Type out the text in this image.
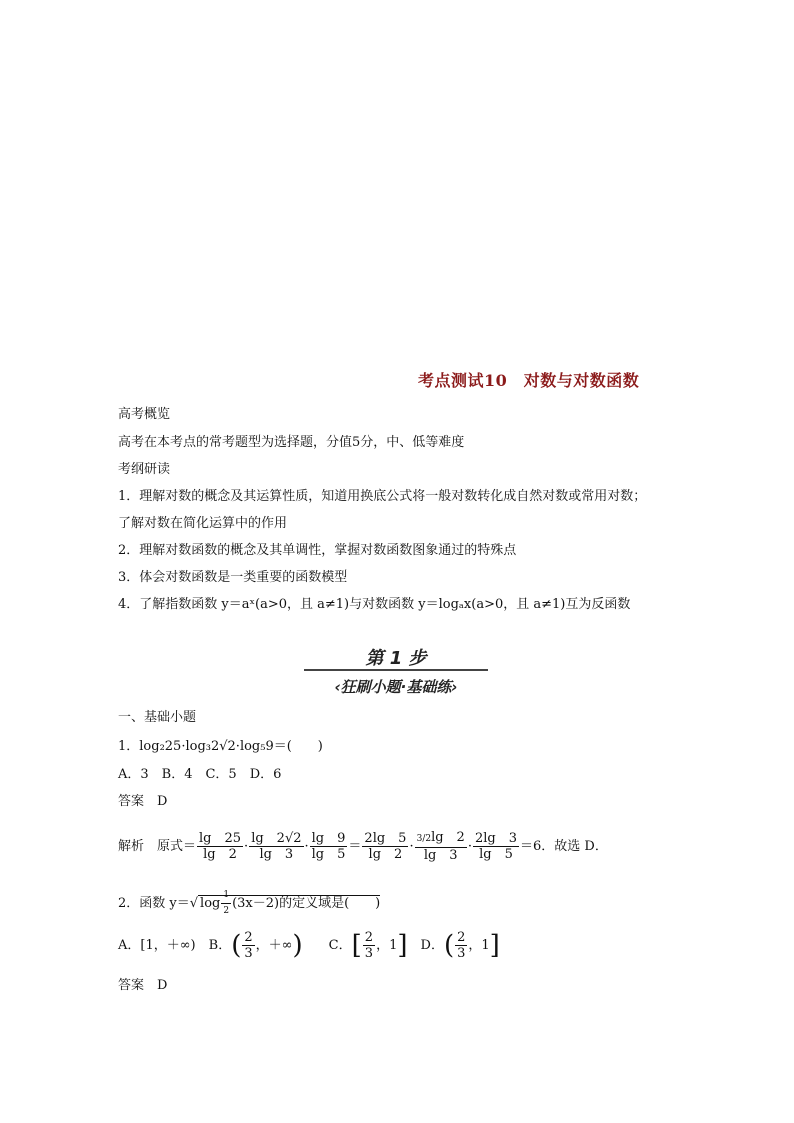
考点测试10　对数与对数函数
高考概览
高考在本考点的常考题型为选择题，分值5分，中、低等难度
考纲研读
1．理解对数的概念及其运算性质，知道用换底公式将一般对数转化成自然对数或常用对数；
了解对数在简化运算中的作用
2．理解对数函数的概念及其单调性，掌握对数函数图象通过的特殊点
3．体会对数函数是一类重要的函数模型
4．了解指数函数 y＝aˣ(a>0，且 a≠1)与对数函数 y＝logₐx(a>0，且 a≠1)互为反函数
第 1 步
‹狂刷小题·基础练›
一、基础小题
1．log₂25·log₃2√2·log₅9＝(　　)
A．3　B．4　C．5　D．6
答案　D
解析　原式＝ $\frac{\lg 25}{\lg 2} \cdot \frac{\lg 2√2}{\lg 3} \cdot \frac{\lg 9}{\lg 5} = \frac{2\lg 5}{\lg 2} \cdot \frac{3/2\lg 2}{\lg 3} \cdot \frac{2\lg 3}{\lg 5} =6$．故选 D．
2．函数 y＝√ $\log \frac{1}{2} (3x-2)$的定义域是(　　)
A．[1，＋∞)　 B．( $\frac{2}{3}$ ，＋∞)　　 C．[ $\frac{2}{3}$ ，1]　 D．( $\frac{2}{3}$ ，1]
答案　D
